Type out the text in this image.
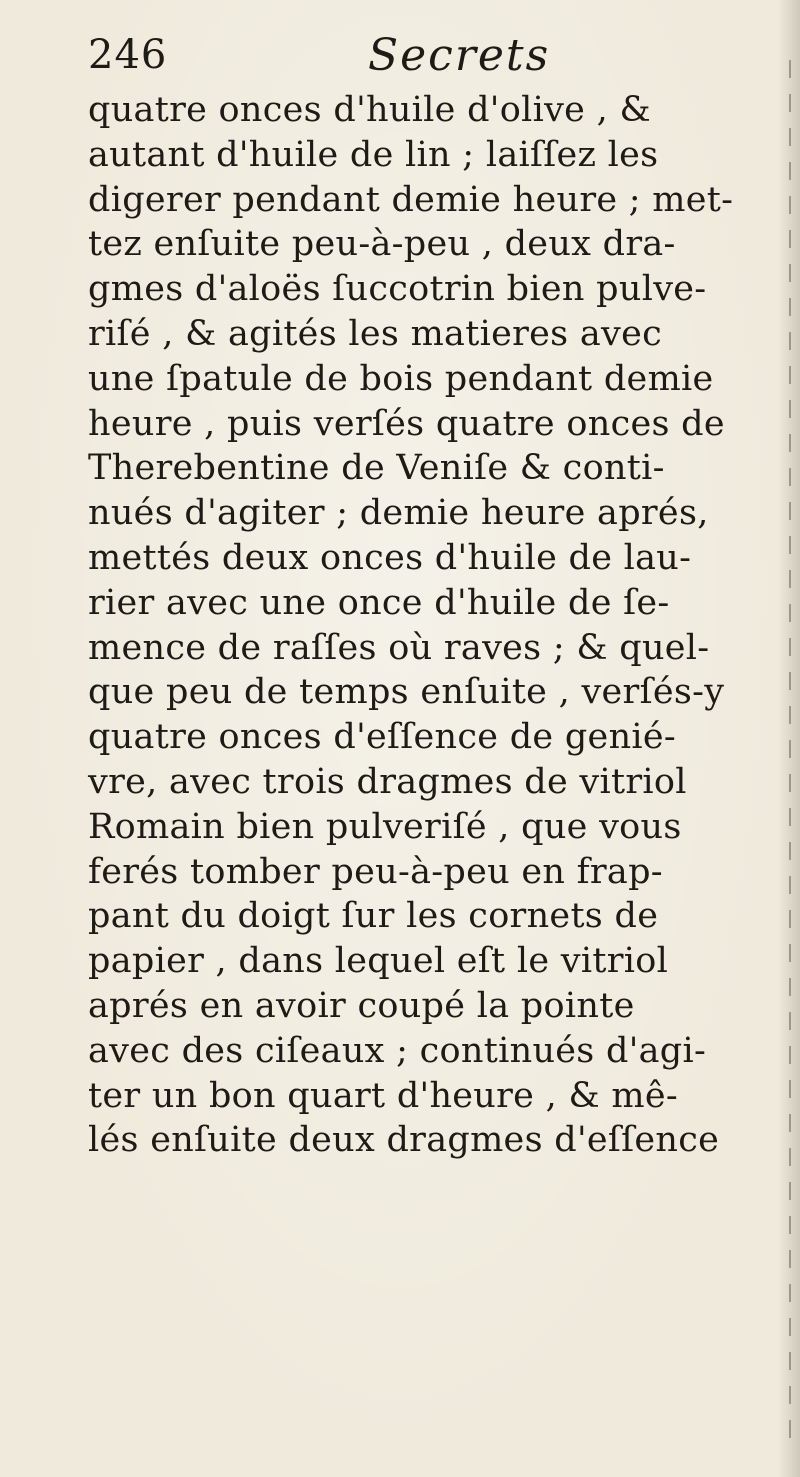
246	Secrets
quatre onces d'huile d'olive , &
autant d'huile de lin ; laiſſez les
digerer pendant demie heure ; met-
tez enſuite peu-à-peu , deux dra-
gmes d'aloës ſuccotrin bien pulve-
riſé , & agités les matieres avec
une ſpatule de bois pendant demie
heure , puis verſés quatre onces de
Therebentine de Veniſe & conti-
nués d'agiter ; demie heure aprés,
mettés deux onces d'huile de lau-
rier avec une once d'huile de ſe-
mence de raſſes où raves ; & quel-
que peu de temps enſuite , verſés-y
quatre onces d'eſſence de genié-
vre, avec trois dragmes de vitriol
Romain bien pulveriſé , que vous
ferés tomber peu-à-peu en frap-
pant du doigt ſur les cornets de
papier , dans lequel eſt le vitriol
aprés en avoir coupé la pointe
avec des ciſeaux ; continués d'agi-
ter un bon quart d'heure , & mê-
lés enſuite deux dragmes d'eſſence
